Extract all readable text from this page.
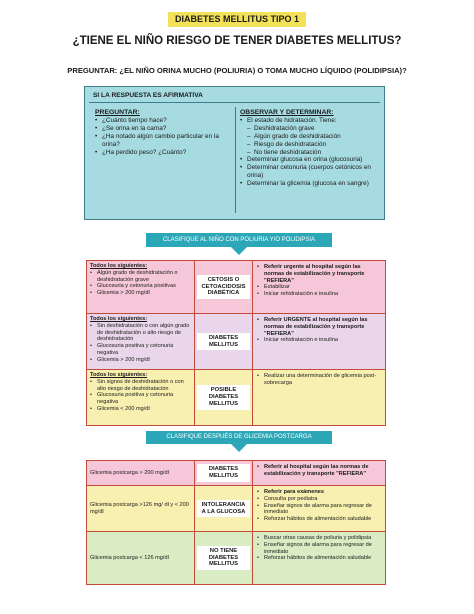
DIABETES MELLITUS TIPO 1
¿TIENE EL NIÑO RIESGO DE TENER DIABETES MELLITUS?
PREGUNTAR: ¿EL NIÑO ORINA MUCHO (POLIURIA) O TOMA MUCHO LÍQUIDO (POLIDIPSIA)?
SI LA RESPUESTA ES AFIRMATIVA
PREGUNTAR:
• ¿Cuánto tiempo hace?
• ¿Se orina en la cama?
• ¿Ha notado algún cambio particular en la orina?
• ¿Ha perdido peso? ¿Cuánto?
OBSERVAR Y DETERMINAR:
• El estado de hidratación. Tiene:
– Deshidratación grave
– Algún grado de deshidratación
– Riesgo de deshidratación
– No tiene deshidratación
• Determinar glucosa en orina (glucosuria)
• Determinar cetonuria (cuerpos cetónicos en orina)
• Determinar la glicemia (glucosa en sangre)
CLASIFIQUE AL NIÑO CON POLIURIA Y/O POLIDIPSIA
Todos los siguientes:
• Algún grado de deshidratación o deshidratación grave
• Glucosuria y cetonuria positivas
• Glicemia > 200 mg/dl
CETOSIS O CETOACIDOSIS DIABÉTICA
• Referir urgente al hospital según las normas de estabilización y transporte "REFIERA"
• Estabilizar
• Iniciar rehidratación e insulina
Todos los siguientes:
• Sin deshidratación o con algún grado de deshidratación o alto riesgo de deshidratación
• Glucosuria positiva y cetonuria negativa
• Glicemia > 200 mg/dl
DIABETES MELLITUS
• Referir URGENTE al hospital según las normas de estabilización y transporte "REFIERA"
• Iniciar rehidratación e insulina
Todos los siguientes:
• Sin signos de deshidratación o con alto riesgo de deshidratación
• Glucosuria positiva y cetonuria negativa
• Glicemia < 200 mg/dl
POSIBLE DIABETES MELLITUS
• Realizar una determinación de glicemia post-sobrecarga
CLASIFIQUE DESPUÉS DE GLICEMIA POSTCARGA
Glicemia postcarga > 200 mg/dl
DIABETES MELLITUS
• Referir al hospital según las normas de estabilización y transporte "REFIERA"
Glicemia postcarga >126 mg/ dl y < 200 mg/dl
INTOLERANCIA A LA GLUCOSA
• Referir para exámenes
• Consulta por pediatra
• Enseñar signos de alarma para regresar de inmediato
• Reforzar hábitos de alimentación saludable
Glicemia postcarga < 126 mg/dl
NO TIENE DIABETES MELLITUS
• Buscar otras causas de poliuria y polidipsia
• Enseñar signos de alarma para regresar de inmediato
• Reforzar hábitos de alimentación saludable
